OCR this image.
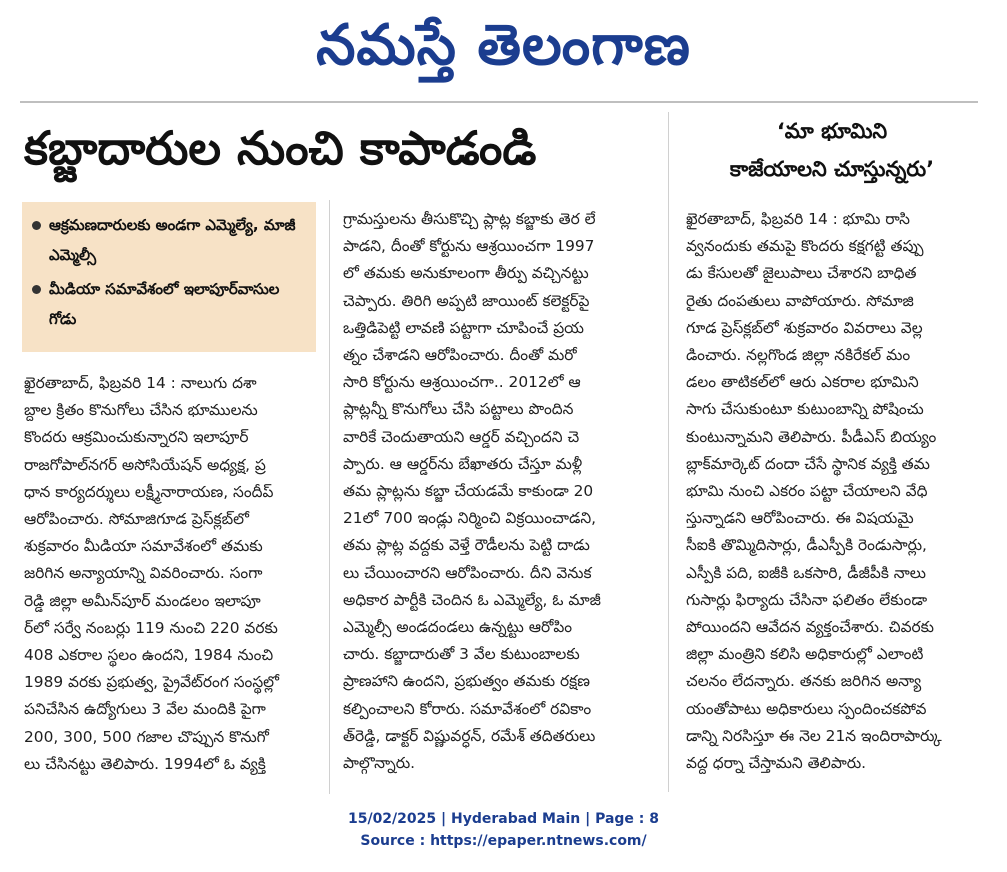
నమస్తే తెలంగాణ
కబ్జాదారుల నుంచి కాపాడండి	‘మా భూమిని
కాజేయాలని చూస్తున్నరు’
ఆక్రమణదారులకు అండగా ఎమ్మెల్యే, మాజీ ఎమ్మెల్సీ
మీడియా సమావేశంలో ఇలాపూర్‌వాసుల గోడు
ఖైరతాబాద్, ఫిబ్రవరి 14 : నాలుగు దశా
బ్దాల క్రితం కొనుగోలు చేసిన భూములను
కొందరు ఆక్రమించుకున్నారని ఇలాపూర్
రాజగోపాల్‌నగర్ అసోసియేషన్ అధ్యక్ష, ప్ర
ధాన కార్యదర్శులు లక్ష్మీనారాయణ, సందీప్
ఆరోపించారు. సోమాజిగూడ ప్రెస్‌క్లబ్‌లో
శుక్రవారం మీడియా సమావేశంలో తమకు
జరిగిన అన్యాయాన్ని వివరించారు. సంగా
రెడ్డి జిల్లా అమీన్‌పూర్ మండలం ఇలాపూ
ర్‌లో సర్వే నంబర్లు 119 నుంచి 220 వరకు
408 ఎకరాల స్థలం ఉందని, 1984 నుంచి
1989 వరకు ప్రభుత్వ, ప్రైవేట్‌రంగ సంస్థల్లో
పనిచేసిన ఉద్యోగులు 3 వేల మందికి పైగా
200, 300, 500 గజాల చొప్పున కొనుగో
లు చేసినట్టు తెలిపారు. 1994లో ఓ వ్యక్తి
గ్రామస్తులను తీసుకొచ్చి ప్లాట్ల కబ్జాకు తెర లే
పాడని, దీంతో కోర్టును ఆశ్రయించగా 1997
లో తమకు అనుకూలంగా తీర్పు వచ్చినట్టు
చెప్పారు. తిరిగి అప్పటి జాయింట్ కలెక్టర్‌పై
ఒత్తిడిపెట్టి లావణి పట్టాగా చూపించే ప్రయ
త్నం చేశాడని ఆరోపించారు. దీంతో మరో
సారి కోర్టును ఆశ్రయించగా.. 2012లో ఆ
ప్లాట్లన్నీ కొనుగోలు చేసి పట్టాలు పొందిన
వారికే చెందుతాయని ఆర్డర్ వచ్చిందని చె
ప్పారు. ఆ ఆర్డర్‌ను బేఖాతరు చేస్తూ మళ్లీ
తమ ప్లాట్లను కబ్జా చేయడమే కాకుండా 20
21లో 700 ఇండ్లు నిర్మించి విక్రయించాడని,
తమ ప్లాట్ల వద్దకు వెళ్తే రౌడీలను పెట్టి దాడు
లు చేయించారని ఆరోపించారు. దీని వెనుక
అధికార పార్టీకి చెందిన ఓ ఎమ్మెల్యే, ఓ మాజీ
ఎమ్మెల్సీ అండదండలు ఉన్నట్టు ఆరోపిం
చారు. కబ్జాదారుతో 3 వేల కుటుంబాలకు
ప్రాణహాని ఉందని, ప్రభుత్వం తమకు రక్షణ
కల్పించాలని కోరారు. సమావేశంలో రవికాం
త్‌రెడ్డి, డాక్టర్ విష్ణువర్ధన్, రమేశ్ తదితరులు
పాల్గొన్నారు.
ఖైరతాబాద్, ఫిబ్రవరి 14 : భూమి రాసి
వ్వనందుకు తమపై కొందరు కక్షగట్టి తప్పు
డు కేసులతో జైలుపాలు చేశారని బాధిత
రైతు దంపతులు వాపోయారు. సోమాజి
గూడ ప్రెస్‌క్లబ్‌లో శుక్రవారం వివరాలు వెల్ల
డించారు. నల్లగొండ జిల్లా నకిరేకల్ మం
డలం తాటికల్‌లో ఆరు ఎకరాల భూమిని
సాగు చేసుకుంటూ కుటుంబాన్ని పోషించు
కుంటున్నామని తెలిపారు. పీడీఎస్ బియ్యం
బ్లాక్‌మార్కెట్ దందా చేసే స్థానిక వ్యక్తి తమ
భూమి నుంచి ఎకరం పట్టా చేయాలని వేధి
స్తున్నాడని ఆరోపించారు. ఈ విషయమై
సీఐకి తొమ్మిదిసార్లు, డీఎస్పీకి రెండుసార్లు,
ఎస్పీకి పది, ఐజీకి ఒకసారి, డీజీపీకి నాలు
గుసార్లు ఫిర్యాదు చేసినా ఫలితం లేకుండా
పోయిందని ఆవేదన వ్యక్తంచేశారు. చివరకు
జిల్లా మంత్రిని కలిసి అధికారుల్లో ఎలాంటి
చలనం లేదన్నారు. తనకు జరిగిన అన్యా
యంతోపాటు అధికారులు స్పందించకపోవ
డాన్ని నిరసిస్తూ ఈ నెల 21న ఇందిరాపార్కు
వద్ద ధర్నా చేస్తామని తెలిపారు.
15/02/2025 | Hyderabad Main | Page : 8
Source : https://epaper.ntnews.com/
